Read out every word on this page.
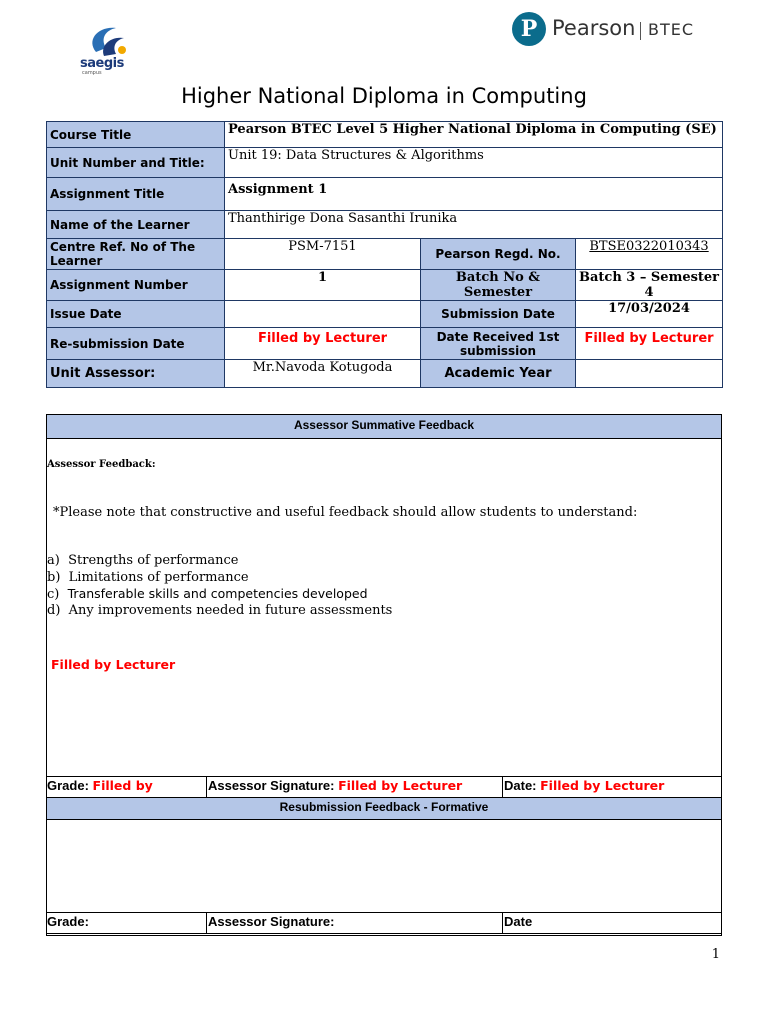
saegis
campus
P Pearson BTEC
Higher National Diploma in Computing
Course Title	Pearson BTEC Level 5 Higher National Diploma in Computing (SE)		
Unit Number and Title:	Unit 19: Data Structures & Algorithms		
Assignment Title	Assignment 1		
Name of the Learner	Thanthirige Dona Sasanthi Irunika		
Centre Ref. No of The Learner	PSM-7151	Pearson Regd. No.	BTSE0322010343
Assignment Number	1	Batch No & Semester	Batch 3 – Semester 4
Issue Date		Submission Date	17/03/2024
Re-submission Date	Filled by Lecturer	Date Received 1st submission	Filled by Lecturer
Unit Assessor:	Mr.Navoda Kotugoda	Academic Year	
Assessor Summative Feedback
Assessor Feedback:
*Please note that constructive and useful feedback should allow students to understand:
a) Strengths of performance
b) Limitations of performance
c) Transferable skills and competencies developed
d) Any improvements needed in future assessments
Filled by Lecturer
Grade: Filled by	Assessor Signature: Filled by Lecturer	Date: Filled by Lecturer
Resubmission Feedback - Formative
Grade:	Assessor Signature:	Date
1
